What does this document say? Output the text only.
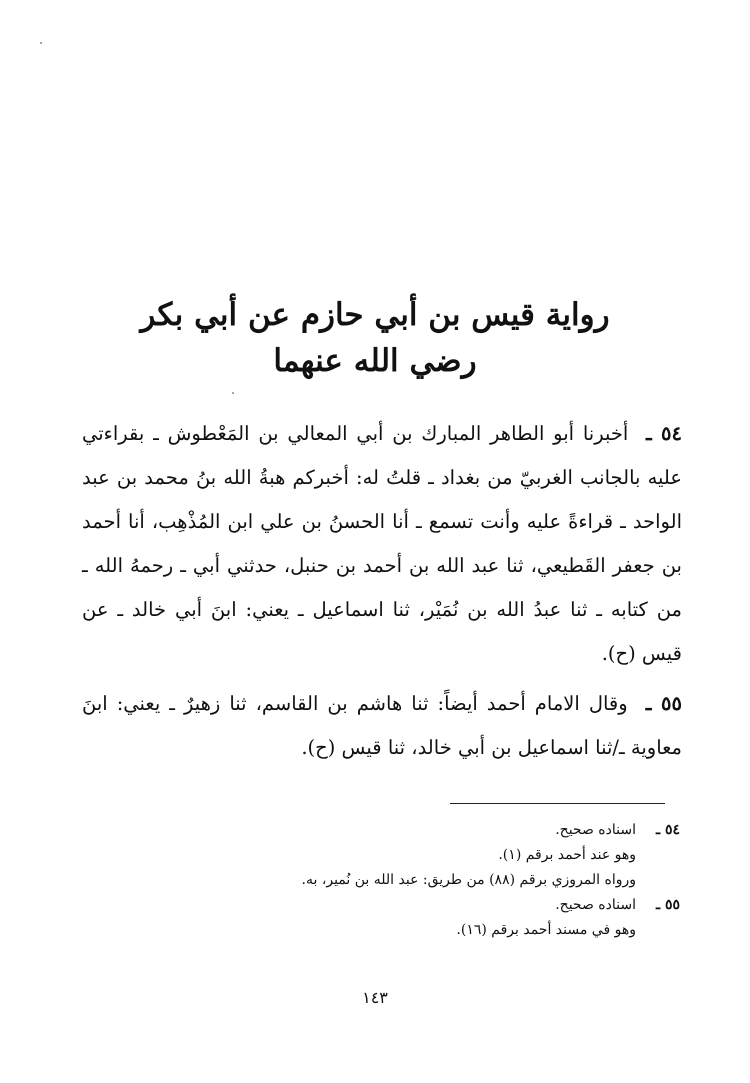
رواية قيس بن أبي حازم عن أبي بكر
رضي الله عنهما

٥٤ ـ  أخبرنا أبو الطاهر المبارك بن أبي المعالي بن المَعْطوش ـ بقراءتي عليه بالجانب الغربيّ من بغداد ـ قلتُ له: أخبركم هبةُ الله بنُ محمد بن عبد الواحد ـ قراءةً عليه وأنت تسمع ـ أنا الحسنُ بن علي ابن المُذْهِب، أنا أحمد بن جعفر القَطيعي، ثنا عبد الله بن أحمد بن حنبل، حدثني أبي ـ رحمهُ الله ـ من كتابه ـ ثنا عبدُ الله بن نُمَيْر، ثنا اسماعيل ـ يعني: ابنَ أبي خالد ـ عن قيس (ح).

٥٥ ـ  وقال الامام أحمد أيضاً: ثنا هاشم بن القاسم، ثنا زهيرٌ ـ يعني: ابنَ معاوية ـ/ثنا اسماعيل بن أبي خالد، ثنا قيس (ح).

٥٤ ـ
اسناده صحيح.
وهو عند أحمد برقم (١).
ورواه المروزي برقم (٨٨) من طريق: عبد الله بن نُمير، به.
٥٥ ـ
اسناده صحيح.
وهو في مسند أحمد برقم (١٦).
١٤٣
